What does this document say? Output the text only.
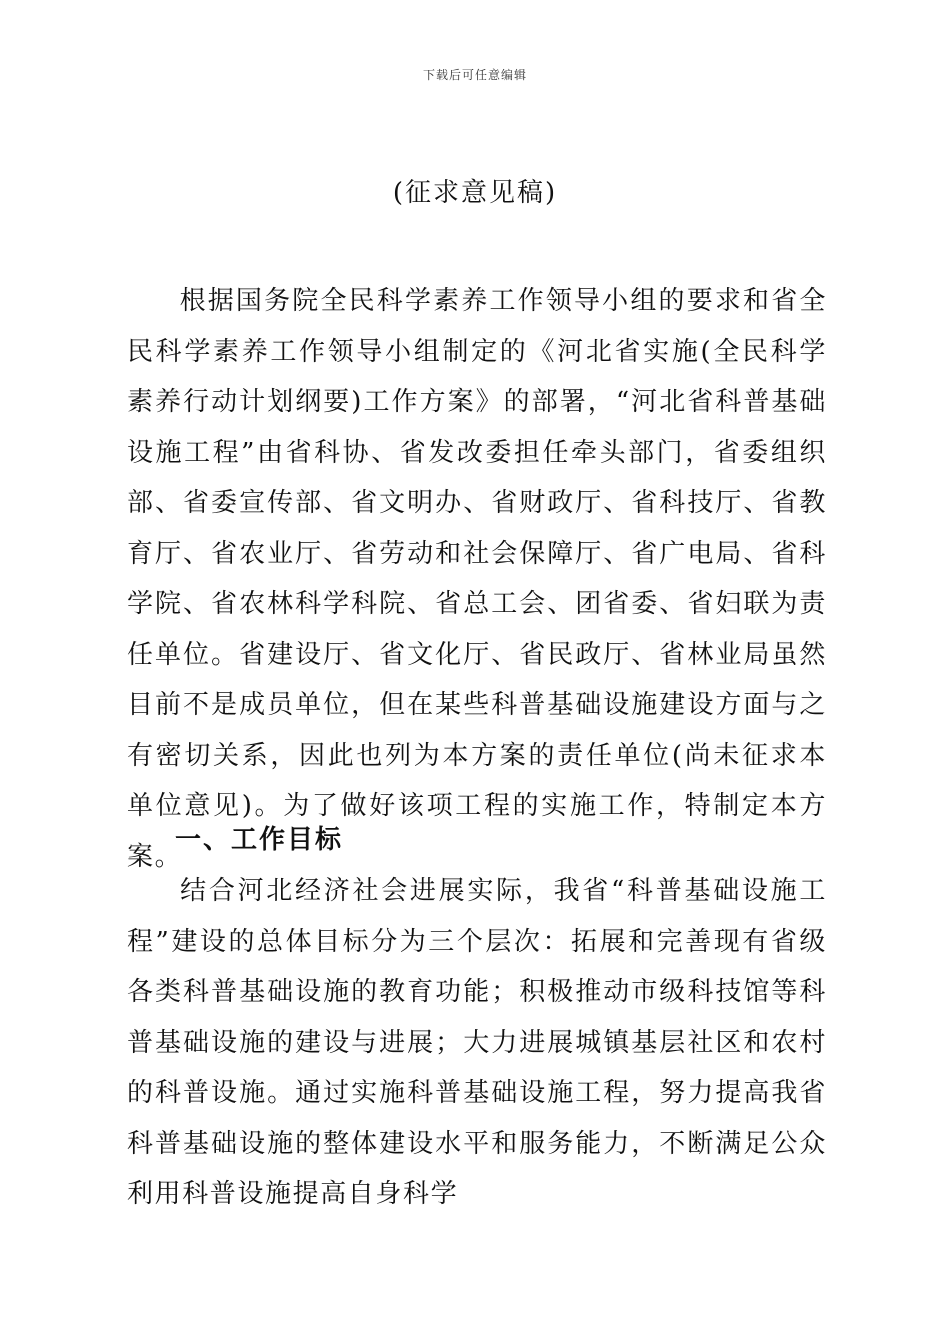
下载后可任意编辑
(征求意见稿)

根据国务院全民科学素养工作领导小组的要求和省全民科学素养工作领导小组制定的《河北省实施(全民科学素养行动计划纲要)工作方案》的部署，“河北省科普基础设施工程”由省科协、省发改委担任牵头部门，省委组织部、省委宣传部、省文明办、省财政厅、省科技厅、省教育厅、省农业厅、省劳动和社会保障厅、省广电局、省科学院、省农林科学科院、省总工会、团省委、省妇联为责任单位。省建设厅、省文化厅、省民政厅、省林业局虽然目前不是成员单位，但在某些科普基础设施建设方面与之有密切关系，因此也列为本方案的责任单位(尚未征求本单位意见)。为了做好该项工程的实施工作，特制定本方案。

一、工作目标

结合河北经济社会进展实际，我省“科普基础设施工程”建设的总体目标分为三个层次：拓展和完善现有省级各类科普基础设施的教育功能；积极推动市级科技馆等科普基础设施的建设与进展；大力进展城镇基层社区和农村的科普设施。通过实施科普基础设施工程，努力提高我省科普基础设施的整体建设水平和服务能力，不断满足公众利用科普设施提高自身科学
